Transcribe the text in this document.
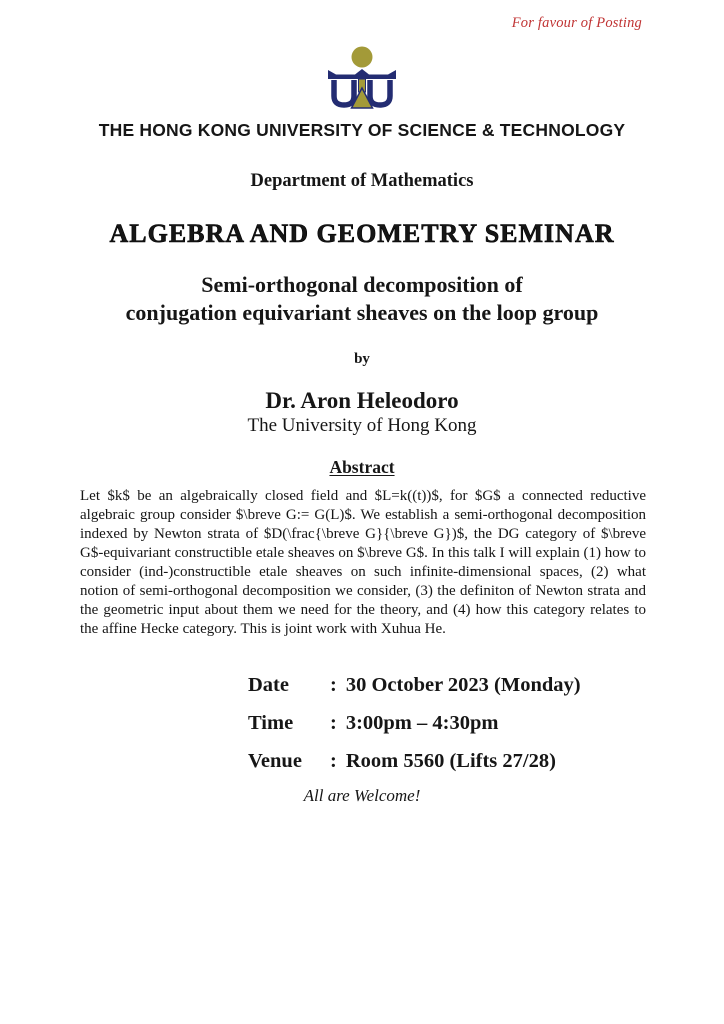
For favour of Posting
THE HONG KONG UNIVERSITY OF SCIENCE & TECHNOLOGY
Department of Mathematics
ALGEBRA AND GEOMETRY SEMINAR
Semi-orthogonal decomposition of
conjugation equivariant sheaves on the loop group
by
Dr. Aron Heleodoro
The University of Hong Kong
Abstract

Let $k$ be an algebraically closed field and $L=k((t))$, for $G$ a connected reductive algebraic group consider $\breve G:= G(L)$. We establish a semi-orthogonal decomposition indexed by Newton strata of $D(\frac{\breve G}{\breve G})$, the DG category of $\breve G$-equivariant constructible etale sheaves on $\breve G$. In this talk I will explain (1) how to consider (ind-)constructible etale sheaves on such infinite-dimensional spaces, (2) what notion of semi-orthogonal decomposition we consider, (3) the definiton of Newton strata and the geometric input about them we need for the theory, and (4) how this category relates to the affine Hecke category. This is joint work with Xuhua He.

Date	: 30 October 2023 (Monday)
Time	: 3:00pm – 4:30pm
Venue	: Room 5560 (Lifts 27/28)
All are Welcome!
